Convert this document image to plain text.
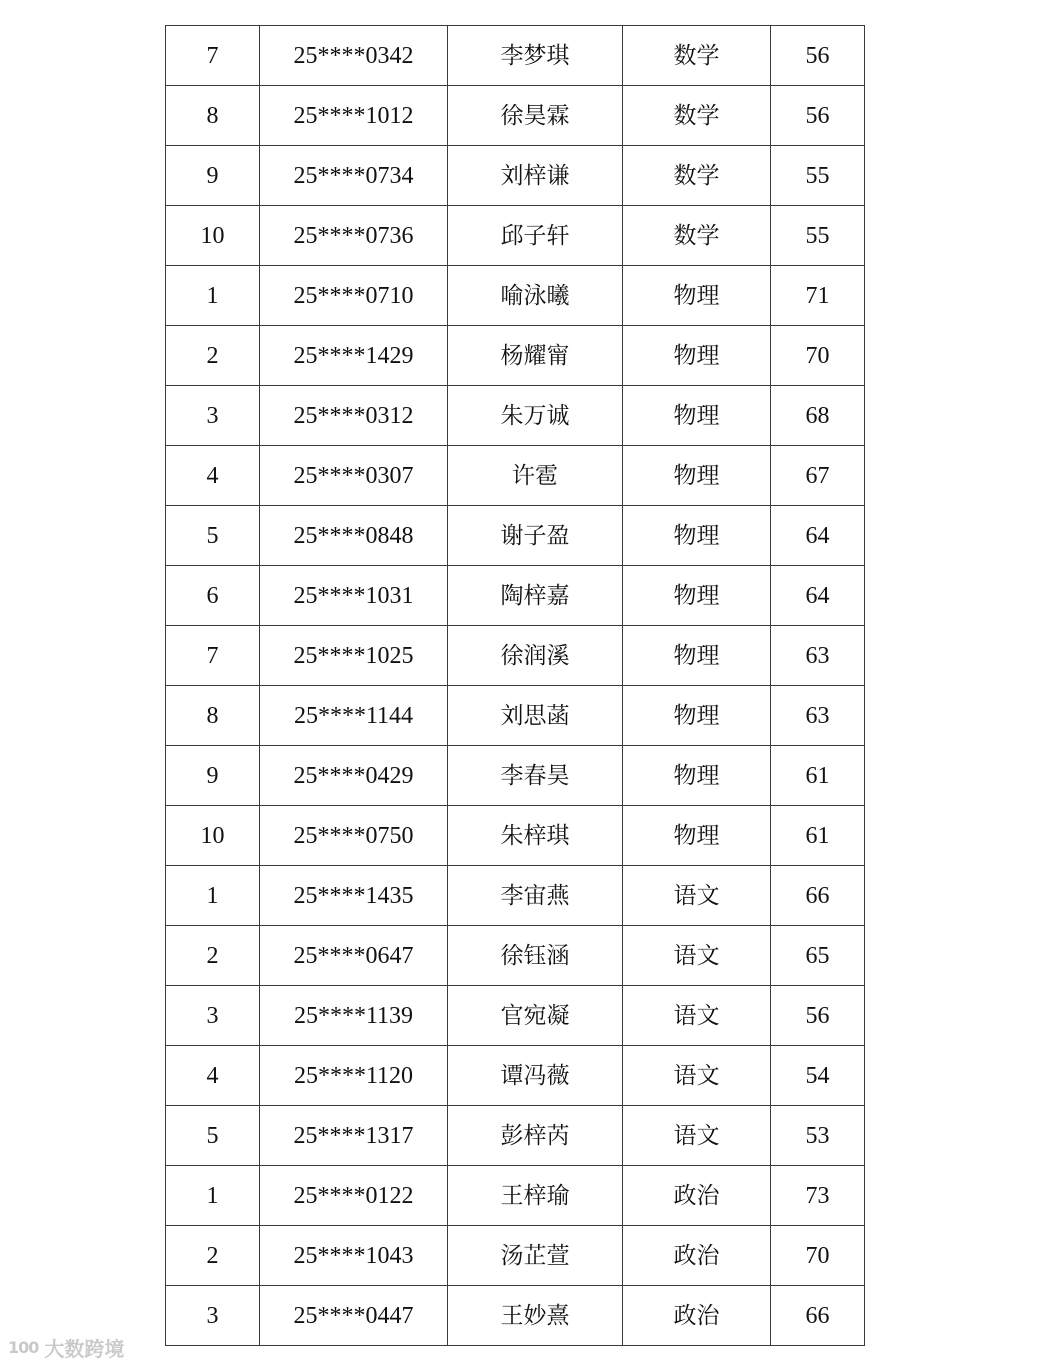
7	25****0342	李梦琪	数学	56
8	25****1012	徐昊霖	数学	56
9	25****0734	刘梓谦	数学	55
10	25****0736	邱子轩	数学	55
1	25****0710	喻泳曦	物理	71
2	25****1429	杨耀甯	物理	70
3	25****0312	朱万诚	物理	68
4	25****0307	许雹	物理	67
5	25****0848	谢子盈	物理	64
6	25****1031	陶梓嘉	物理	64
7	25****1025	徐润溪	物理	63
8	25****1144	刘思菡	物理	63
9	25****0429	李春昊	物理	61
10	25****0750	朱梓琪	物理	61
1	25****1435	李宙燕	语文	66
2	25****0647	徐钰涵	语文	65
3	25****1139	官宛凝	语文	56
4	25****1120	谭冯薇	语文	54
5	25****1317	彭梓芮	语文	53
1	25****0122	王梓瑜	政治	73
2	25****1043	汤芷萱	政治	70
3	25****0447	王妙熹	政治	66
100 大数跨境
